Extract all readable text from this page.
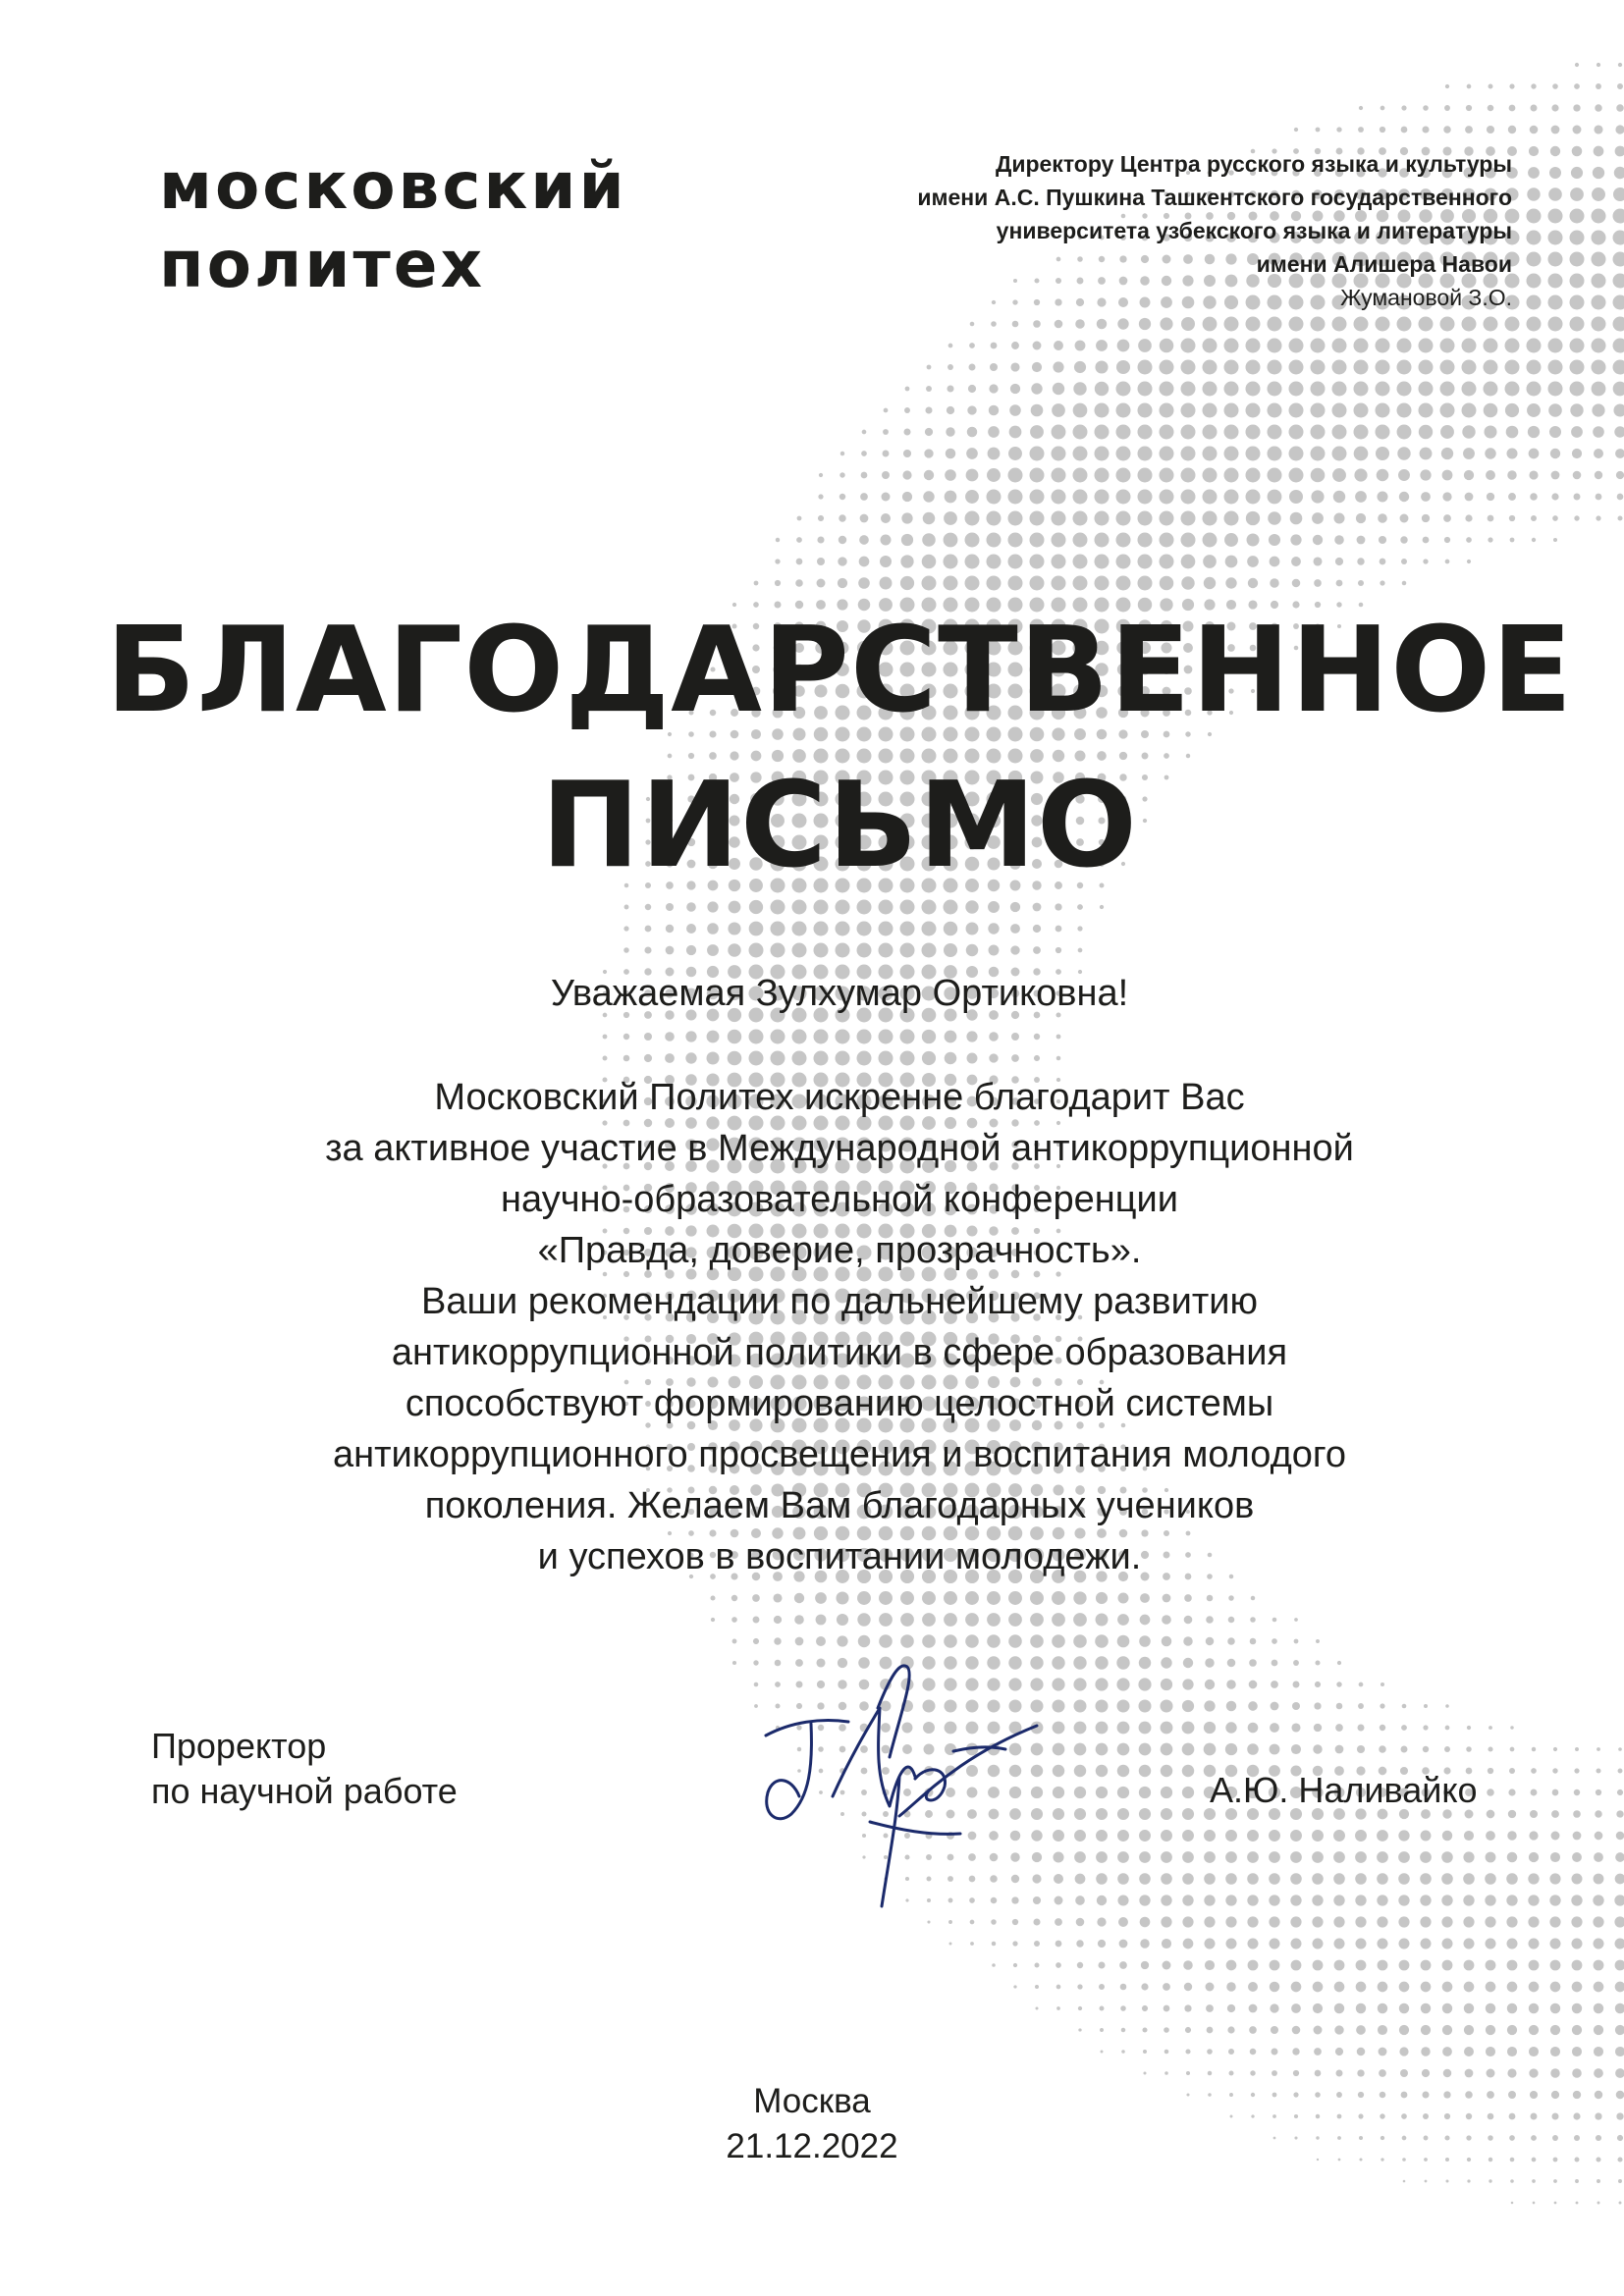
московский
политех
Директору Центра русского языка и культуры
имени А.С. Пушкина Ташкентского государственного
университета узбекского языка и литературы
имени Алишера Навои
Жумановой З.О.
БЛАГОДАРСТВЕННОЕ
ПИСЬМО
Уважаемая Зулхумар Ортиковна!
Московский Политех искренне благодарит Вас
за активное участие в Международной антикоррупционной
научно-образовательной конференции
«Правда, доверие, прозрачность».
Ваши рекомендации по дальнейшему развитию
антикоррупционной политики в сфере образования
способствуют формированию целостной системы
антикоррупционного просвещения и воспитания молодого
поколения. Желаем Вам благодарных учеников
и успехов в воспитании молодежи.
Проректор
по научной работе	А.Ю. Наливайко
Москва
21.12.2022
